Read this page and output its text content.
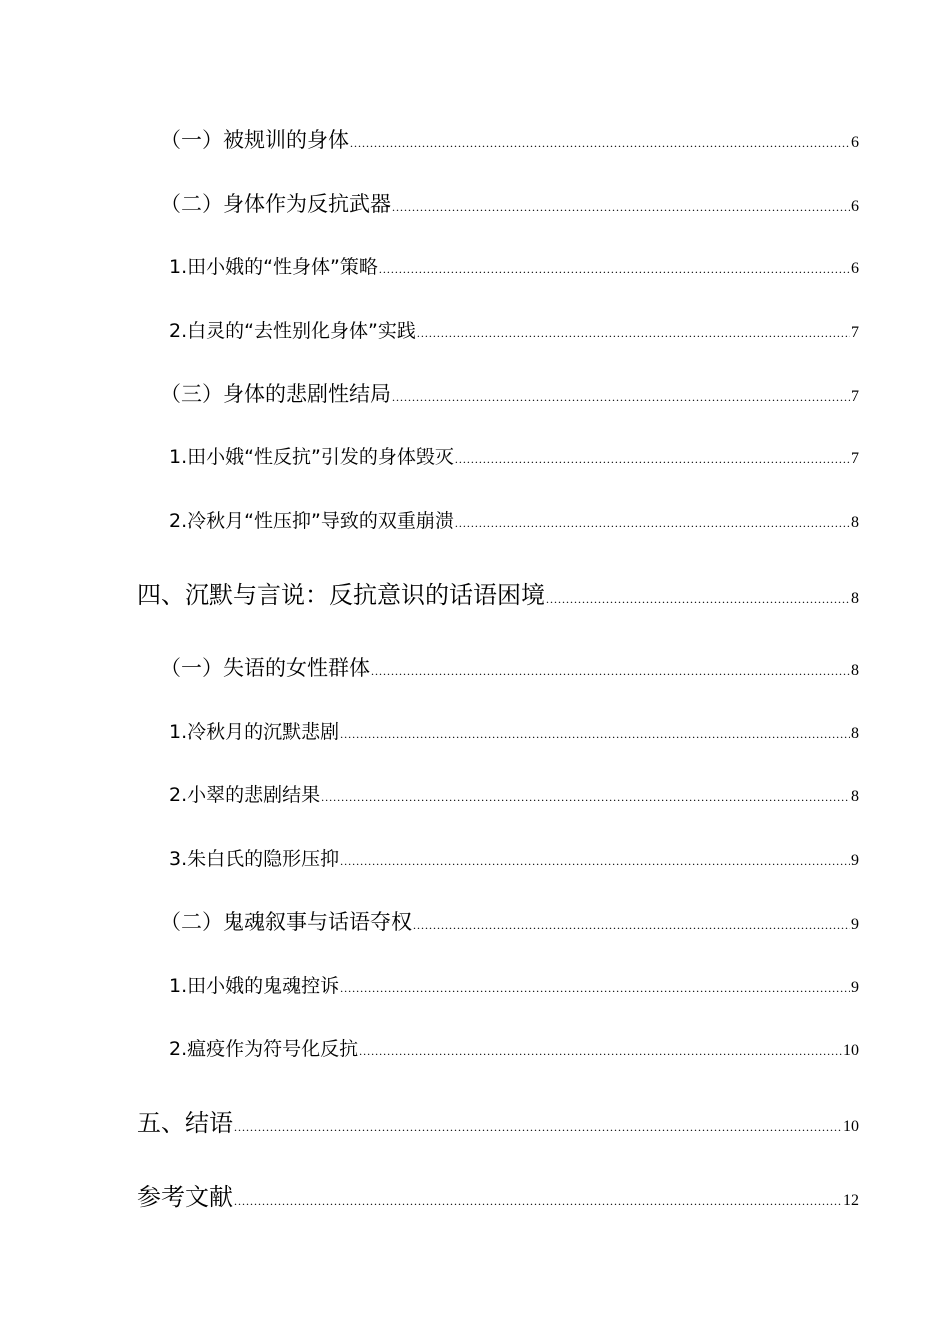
（一）被规训的身体 .....	6
（二）身体作为反抗武器 .....	6
1.田小娥的“性身体”策略 .....	6
2.白灵的“去性别化身体”实践 .....	7
（三）身体的悲剧性结局 .....	7
1.田小娥“性反抗”引发的身体毁灭 .....	7
2.冷秋月“性压抑”导致的双重崩溃 .....	8
四、沉默与言说：反抗意识的话语困境 .....	8
（一）失语的女性群体 .....	8
1.冷秋月的沉默悲剧 .....	8
2.小翠的悲剧结果 .....	8
3.朱白氏的隐形压抑 .....	9
（二）鬼魂叙事与话语夺权 .....	9
1.田小娥的鬼魂控诉 .....	9
2.瘟疫作为符号化反抗 .....	10
五、结语 .....	10
参考文献 .....	12
